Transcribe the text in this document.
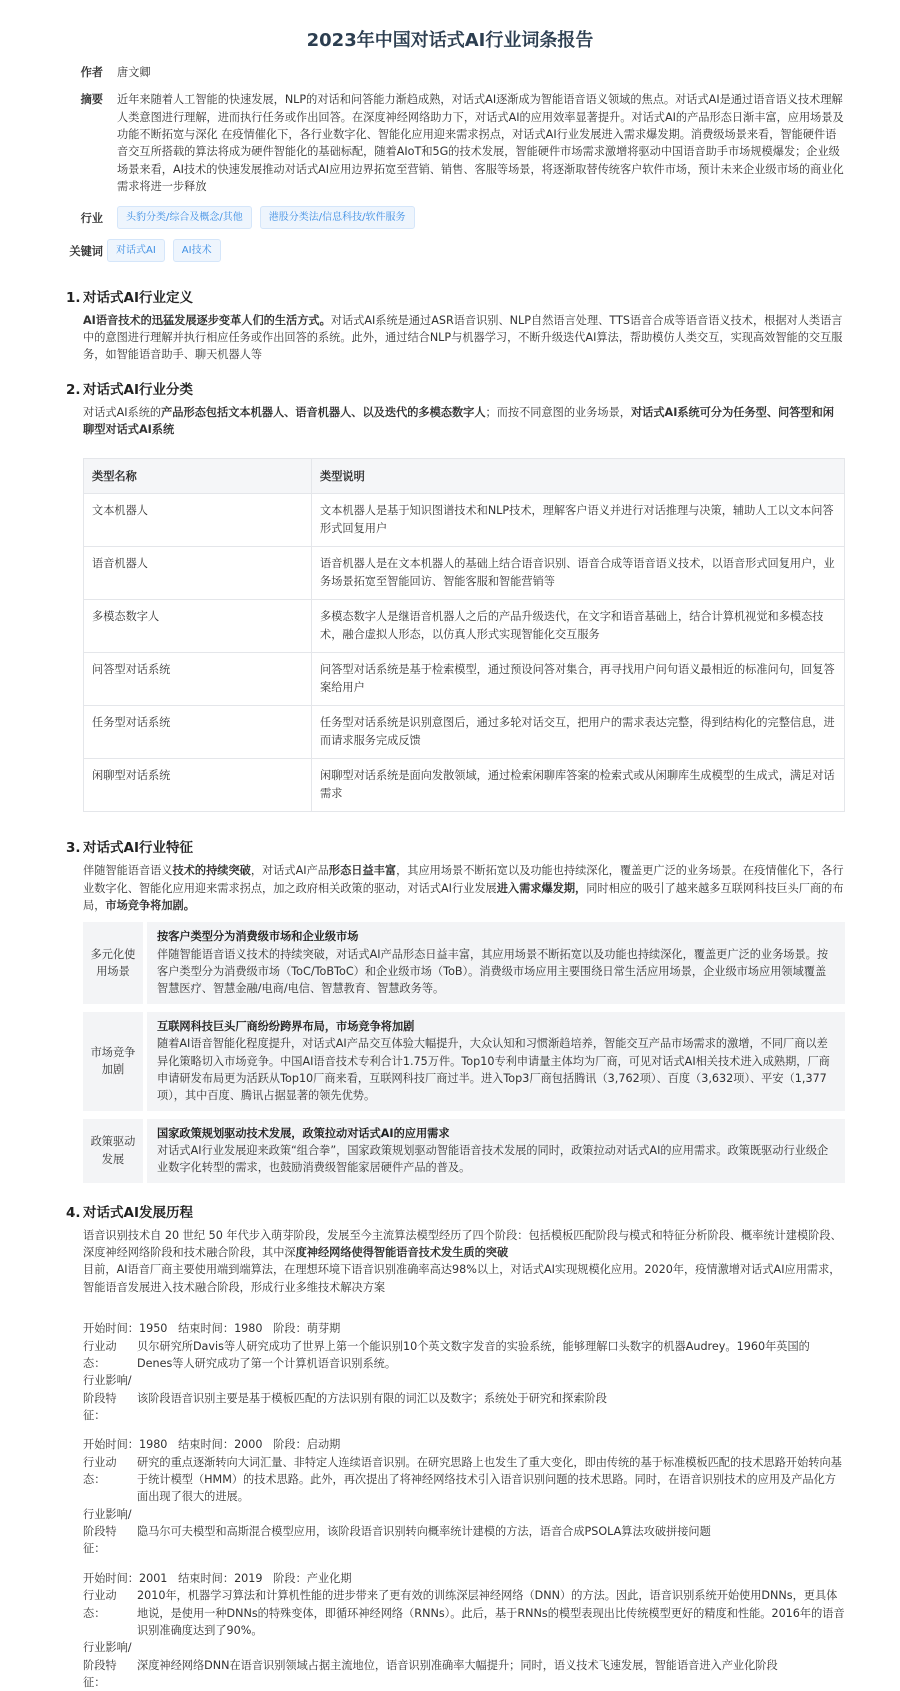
2023年中国对话式AI行业词条报告
作者	唐文卿
摘要	近年来随着人工智能的快速发展，NLP的对话和问答能力渐趋成熟，对话式AI逐渐成为智能语音语义领域的焦点。对话式AI是通过语音语义技术理解人类意图进行理解，进而执行任务或作出回答。在深度神经网络助力下，对话式AI的应用效率显著提升。对话式AI的产品形态日渐丰富，应用场景及功能不断拓宽与深化 在疫情催化下，各行业数字化、智能化应用迎来需求拐点，对话式AI行业发展进入需求爆发期。消费级场景来看，智能硬件语音交互所搭载的算法将成为硬件智能化的基础标配，随着AIoT和5G的技术发展，智能硬件市场需求激增将驱动中国语音助手市场规模爆发；企业级场景来看，AI技术的快速发展推动对话式AI应用边界拓宽至营销、销售、客服等场景，将逐渐取替传统客户软件市场，预计未来企业级市场的商业化需求将进一步释放
行业	头豹分类/综合及概念/其他	港股分类法/信息科技/软件服务
关键词	对话式AI	AI技术
1. 对话式AI行业定义

AI语音技术的迅猛发展逐步变革人们的生活方式。对话式AI系统是通过ASR语音识别、NLP自然语言处理、TTS语音合成等语音语义技术，根据对人类语言中的意图进行理解并执行相应任务或作出回答的系统。此外，通过结合NLP与机器学习，不断升级迭代AI算法，帮助模仿人类交互，实现高效智能的交互服务，如智能语音助手、聊天机器人等

2. 对话式AI行业分类

对话式AI系统的产品形态包括文本机器人、语音机器人、以及迭代的多模态数字人；而按不同意图的业务场景，对话式AI系统可分为任务型、问答型和闲聊型对话式AI系统

类型名称	类型说明
文本机器人	文本机器人是基于知识图谱技术和NLP技术，理解客户语义并进行对话推理与决策，辅助人工以文本问答形式回复用户
语音机器人	语音机器人是在文本机器人的基础上结合语音识别、语音合成等语音语义技术，以语音形式回复用户，业务场景拓宽至智能回访、智能客服和智能营销等
多模态数字人	多模态数字人是继语音机器人之后的产品升级迭代，在文字和语音基础上，结合计算机视觉和多模态技术，融合虚拟人形态，以仿真人形式实现智能化交互服务
问答型对话系统	问答型对话系统是基于检索模型，通过预设问答对集合，再寻找用户问句语义最相近的标准问句，回复答案给用户
任务型对话系统	任务型对话系统是识别意图后，通过多轮对话交互，把用户的需求表达完整，得到结构化的完整信息，进而请求服务完成反馈
闲聊型对话系统	闲聊型对话系统是面向发散领域，通过检索闲聊库答案的检索式或从闲聊库生成模型的生成式，满足对话需求
3. 对话式AI行业特征

伴随智能语音语义技术的持续突破，对话式AI产品形态日益丰富，其应用场景不断拓宽以及功能也持续深化，覆盖更广泛的业务场景。在疫情催化下，各行业数字化、智能化应用迎来需求拐点，加之政府相关政策的驱动，对话式AI行业发展进入需求爆发期，同时相应的吸引了越来越多互联网科技巨头厂商的布局，市场竞争将加剧。

多元化使用场景
按客户类型分为消费级市场和企业级市场
伴随智能语音语义技术的持续突破，对话式AI产品形态日益丰富，其应用场景不断拓宽以及功能也持续深化，覆盖更广泛的业务场景。按客户类型分为消费级市场（ToC/ToBToC）和企业级市场（ToB）。消费级市场应用主要围绕日常生活应用场景，企业级市场应用领域覆盖智慧医疗、智慧金融/电商/电信、智慧教育、智慧政务等。
市场竞争加剧
互联网科技巨头厂商纷纷跨界布局，市场竞争将加剧
随着AI语音智能化程度提升，对话式AI产品交互体验大幅提升，大众认知和习惯渐趋培养，智能交互产品市场需求的激增，不同厂商以差异化策略切入市场竞争。中国AI语音技术专利合计1.75万件。Top10专利申请量主体均为厂商，可见对话式AI相关技术进入成熟期，厂商申请研发布局更为活跃从Top10厂商来看，互联网科技厂商过半。进入Top3厂商包括腾讯（3,762项）、百度（3,632项）、平安（1,377项），其中百度、腾讯占据显著的领先优势。
政策驱动发展
国家政策规划驱动技术发展，政策拉动对话式AI的应用需求
对话式AI行业发展迎来政策“组合拳”，国家政策规划驱动智能语音技术发展的同时，政策拉动对话式AI的应用需求。政策既驱动行业级企业数字化转型的需求，也鼓励消费级智能家居硬件产品的普及。
4. 对话式AI发展历程

语音识别技术自 20 世纪 50 年代步入萌芽阶段，发展至今主流算法模型经历了四个阶段：包括模板匹配阶段与模式和特征分析阶段、概率统计建模阶段、深度神经网络阶段和技术融合阶段，其中深度神经网络使得智能语音技术发生质的突破

目前，AI语音厂商主要使用端到端算法，在理想环境下语音识别准确率高达98%以上，对话式AI实现规模化应用。2020年，疫情激增对话式AI应用需求，智能语音发展进入技术融合阶段，形成行业多维技术解决方案

开始时间：1950 结束时间：1980 阶段：萌芽期
行业动态：
贝尔研究所Davis等人研究成功了世界上第一个能识别10个英文数字发音的实验系统，能够理解口头数字的机器Audrey。1960年英国的Denes等人研究成功了第一个计算机语音识别系统。
行业影响/
阶段特征：
该阶段语音识别主要是基于模板匹配的方法识别有限的词汇以及数字；系统处于研究和探索阶段
开始时间：1980 结束时间：2000 阶段：启动期
行业动态：
研究的重点逐渐转向大词汇量、非特定人连续语音识别。在研究思路上也发生了重大变化，即由传统的基于标准模板匹配的技术思路开始转向基于统计模型（HMM）的技术思路。此外，再次提出了将神经网络技术引入语音识别问题的技术思路。同时，在语音识别技术的应用及产品化方面出现了很大的进展。
行业影响/
阶段特征：
隐马尔可夫模型和高斯混合模型应用，该阶段语音识别转向概率统计建模的方法，语音合成PSOLA算法攻破拼接问题
开始时间：2001 结束时间：2019 阶段：产业化期
行业动态：
2010年，机器学习算法和计算机性能的进步带来了更有效的训练深层神经网络（DNN）的方法。因此，语音识别系统开始使用DNNs，更具体地说，是使用一种DNNs的特殊变体，即循环神经网络（RNNs）。此后，基于RNNs的模型表现出比传统模型更好的精度和性能。2016年的语音识别准确度达到了90%。
行业影响/
阶段特征：
深度神经网络DNN在语音识别领域占据主流地位，语音识别准确率大幅提升；同时，语义技术飞速发展，智能语音进入产业化阶段
